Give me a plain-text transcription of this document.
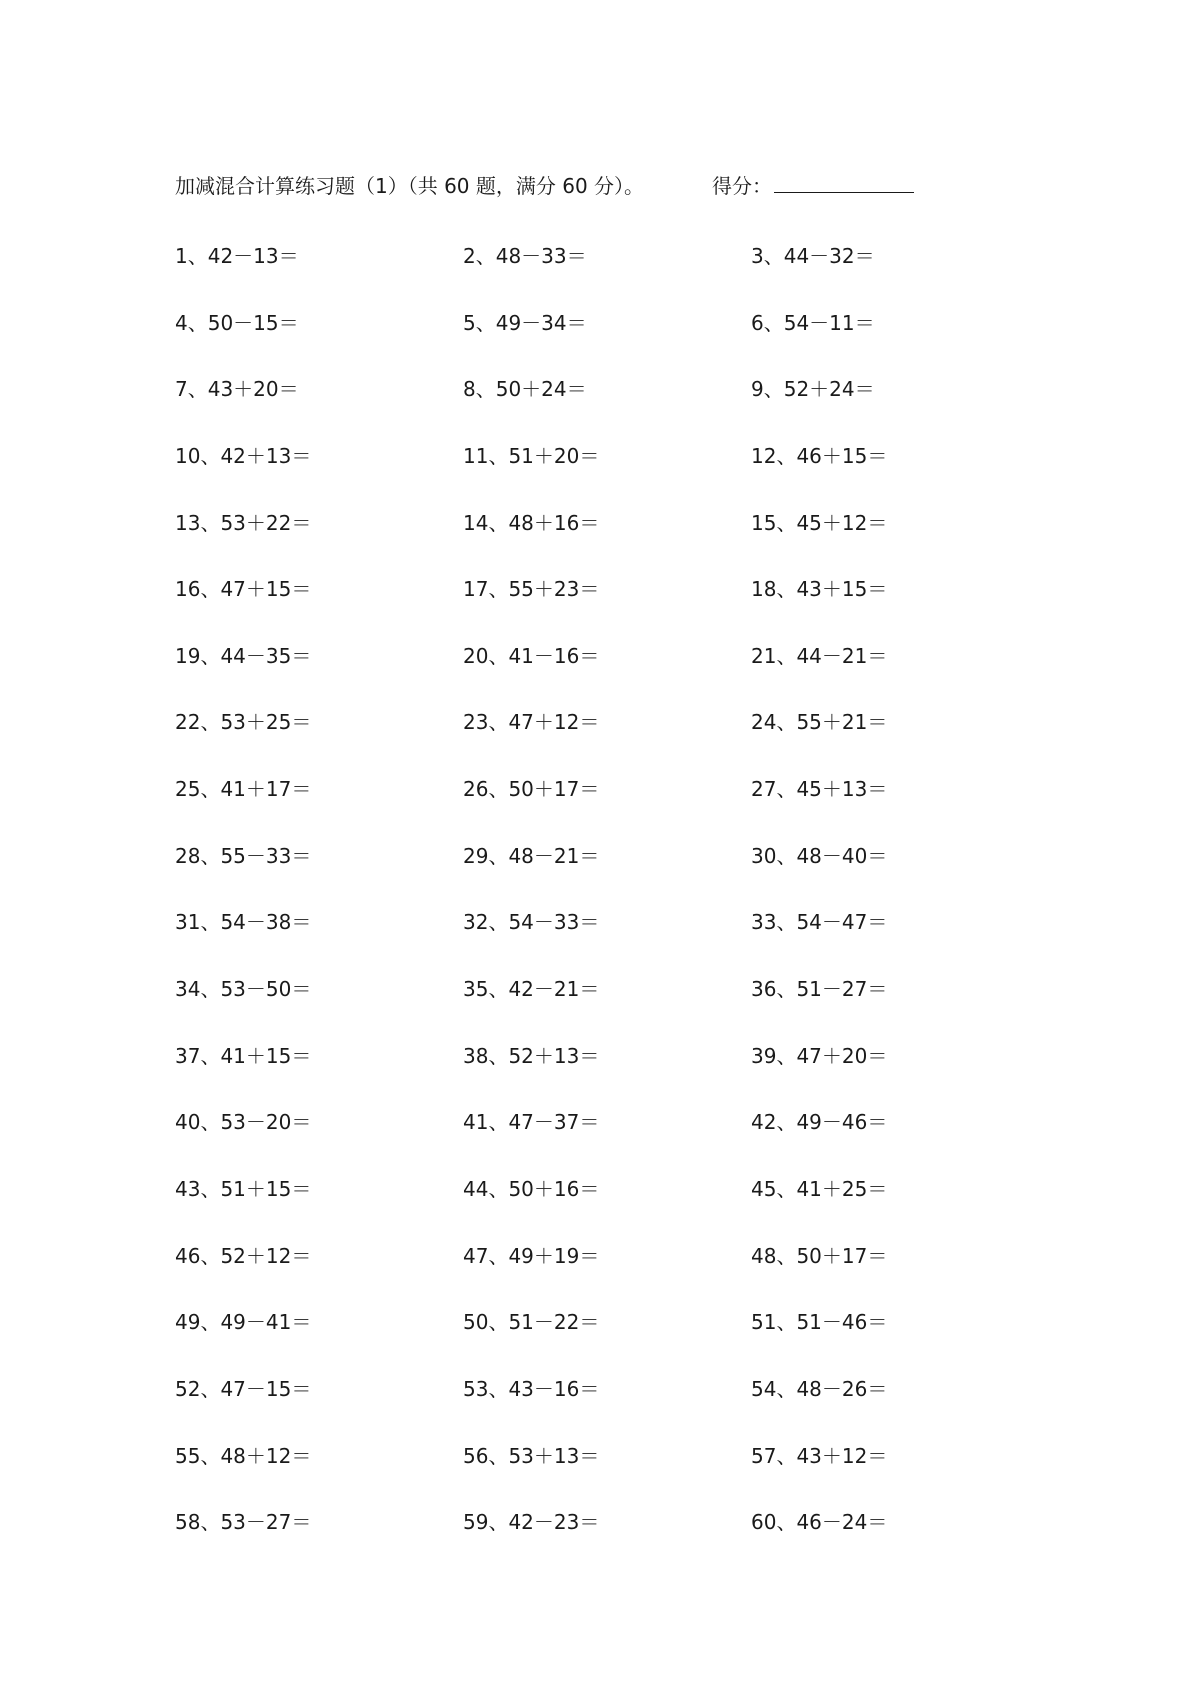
加减混合计算练习题（1）（共 60 题，满分 60 分）。	得分：
1、42－13＝	2、48－33＝	3、44－32＝
4、50－15＝	5、49－34＝	6、54－11＝
7、43＋20＝	8、50＋24＝	9、52＋24＝
10、42＋13＝	11、51＋20＝	12、46＋15＝
13、53＋22＝	14、48＋16＝	15、45＋12＝
16、47＋15＝	17、55＋23＝	18、43＋15＝
19、44－35＝	20、41－16＝	21、44－21＝
22、53＋25＝	23、47＋12＝	24、55＋21＝
25、41＋17＝	26、50＋17＝	27、45＋13＝
28、55－33＝	29、48－21＝	30、48－40＝
31、54－38＝	32、54－33＝	33、54－47＝
34、53－50＝	35、42－21＝	36、51－27＝
37、41＋15＝	38、52＋13＝	39、47＋20＝
40、53－20＝	41、47－37＝	42、49－46＝
43、51＋15＝	44、50＋16＝	45、41＋25＝
46、52＋12＝	47、49＋19＝	48、50＋17＝
49、49－41＝	50、51－22＝	51、51－46＝
52、47－15＝	53、43－16＝	54、48－26＝
55、48＋12＝	56、53＋13＝	57、43＋12＝
58、53－27＝	59、42－23＝	60、46－24＝
